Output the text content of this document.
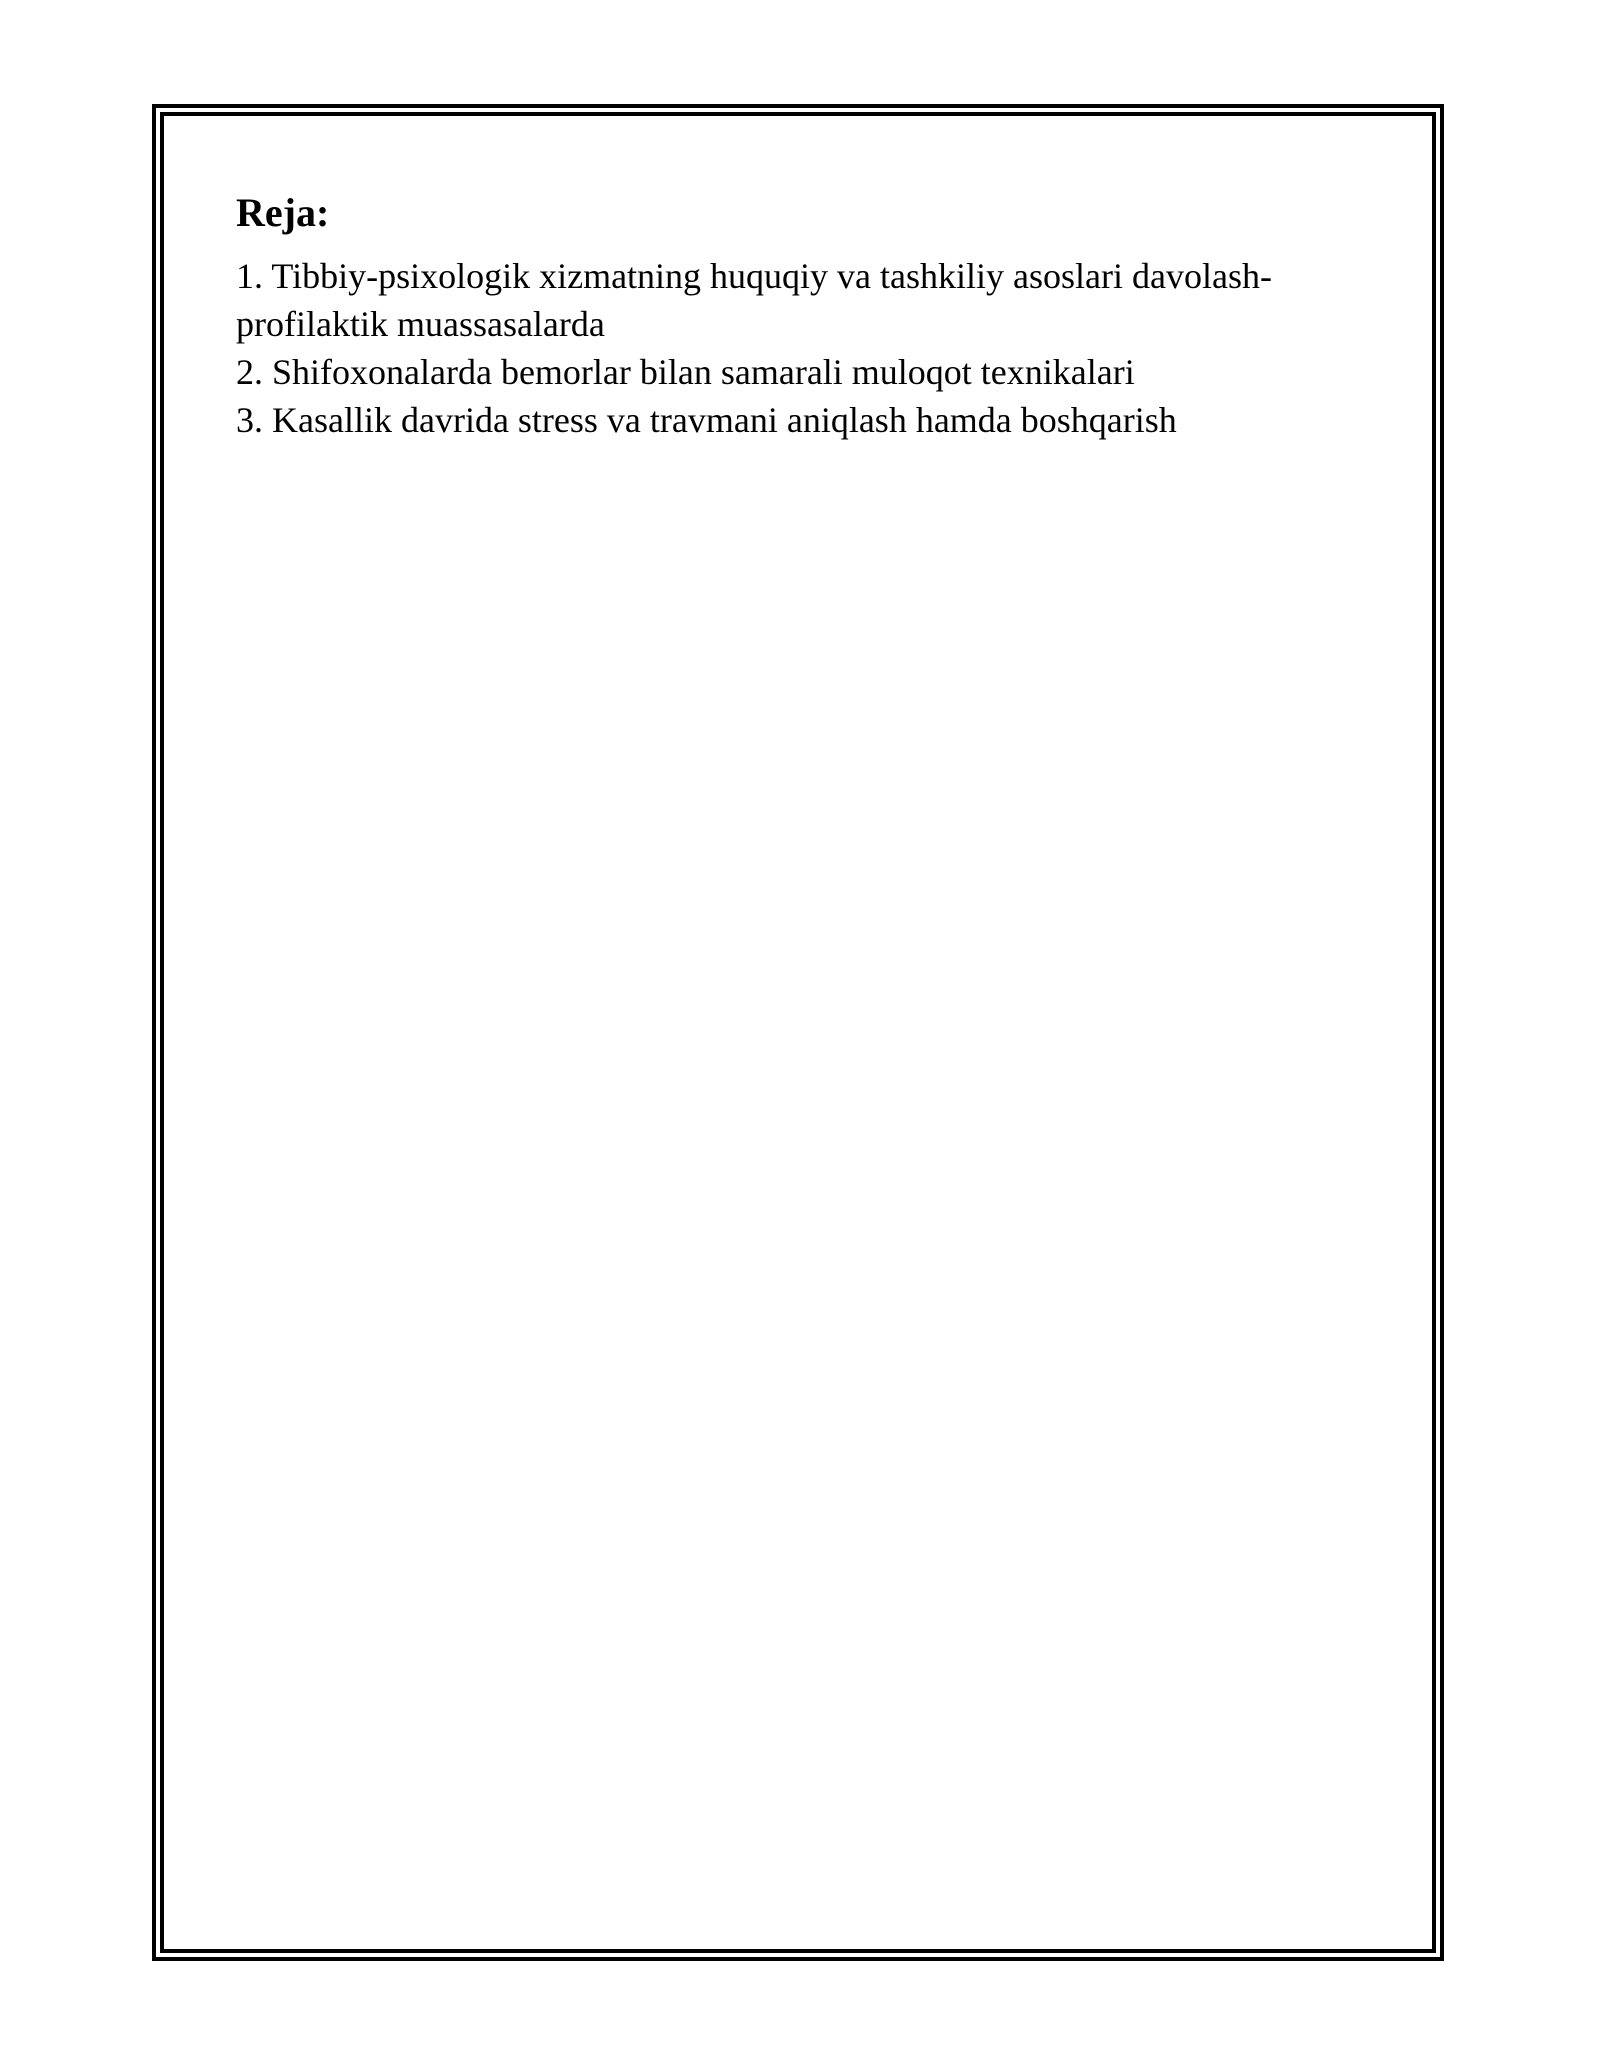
Reja:
1. Tibbiy-psixologik xizmatning huquqiy va tashkiliy asoslari davolash-profilaktik muassasalarda
2. Shifoxonalarda bemorlar bilan samarali muloqot texnikalari
3. Kasallik davrida stress va travmani aniqlash hamda boshqarish
